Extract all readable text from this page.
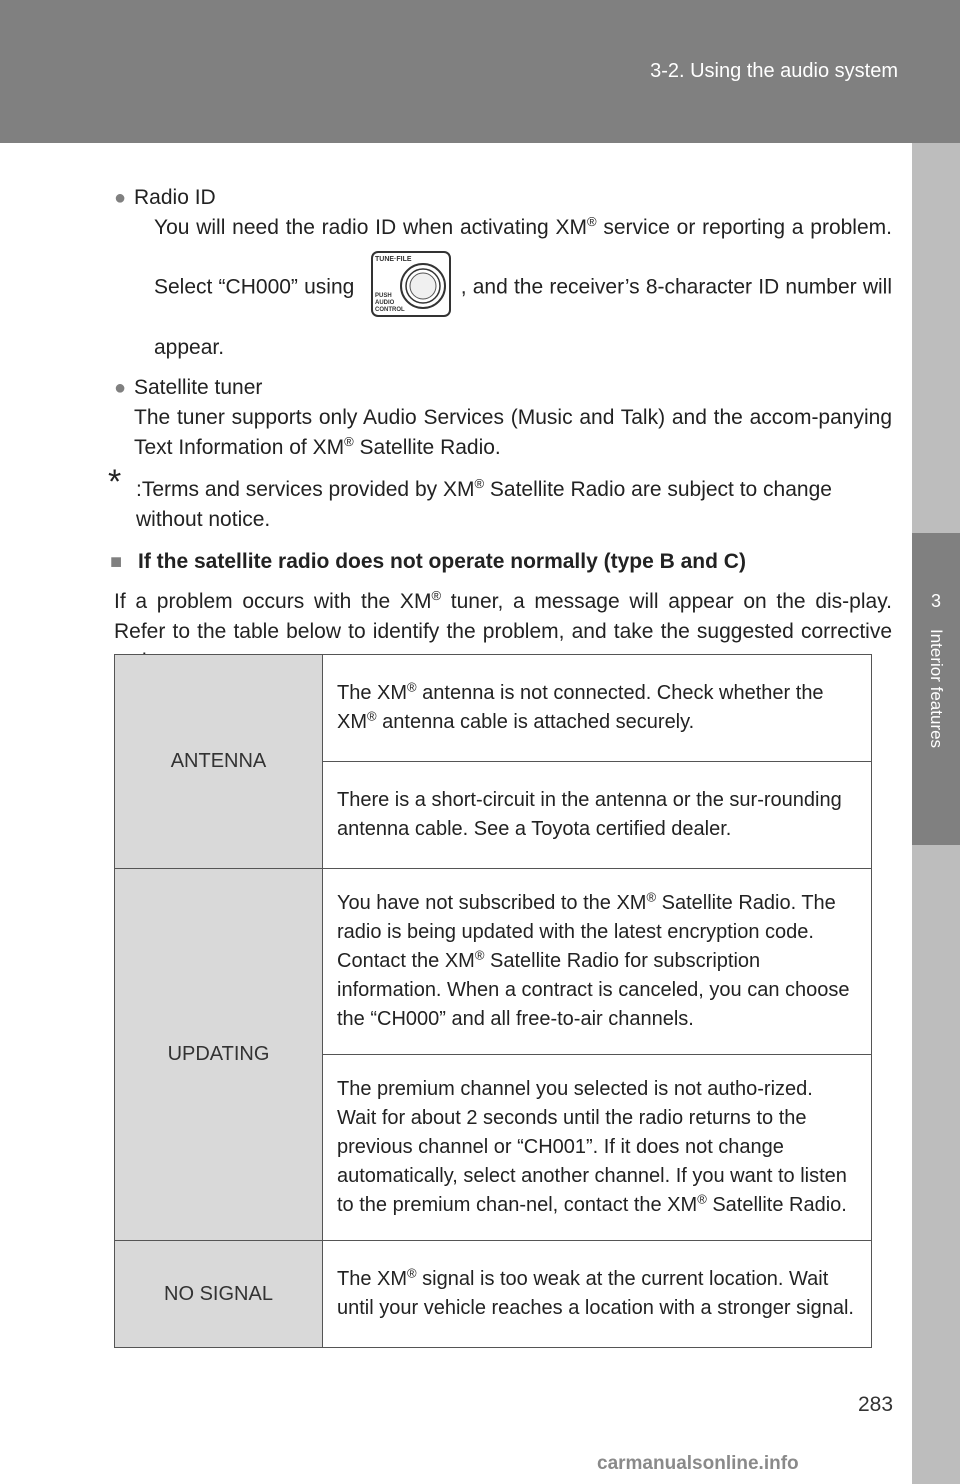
3-2. Using the audio system
3
Interior features
● Radio ID
You will need the radio ID when activating XM® service or reporting a problem. Select “CH000” using
TUNE·FILE
PUSH
AUDIO
CONTROL
, and the receiver’s 8-character ID number will appear.
● Satellite tuner
The tuner supports only Audio Services (Music and Talk) and the accom-panying Text Information of XM® Satellite Radio.
* :Terms and services provided by XM® Satellite Radio are subject to change without notice.
■ If the satellite radio does not operate normally (type B and C)
If a problem occurs with the XM® tuner, a message will appear on the dis-play. Refer to the table below to identify the problem, and take the suggested corrective
ANTENNA	The XM® antenna is not connected. Check whether the XM® antenna cable is attached securely.
	There is a short-circuit in the antenna or the sur-rounding antenna cable. See a Toyota certified dealer.
UPDATING	You have not subscribed to the XM® Satellite Radio. The radio is being updated with the latest encryption code. Contact the XM® Satellite Radio for subscription information. When a contract is canceled, you can choose the “CH000” and all free-to-air channels.
	The premium channel you selected is not autho-rized. Wait for about 2 seconds until the radio returns to the previous channel or “CH001”. If it does not change automatically, select another channel. If you want to listen to the premium chan-nel, contact the XM® Satellite Radio.
NO SIGNAL	The XM® signal is too weak at the current location. Wait until your vehicle reaches a location with a stronger signal.
283
carmanualsonline.info
